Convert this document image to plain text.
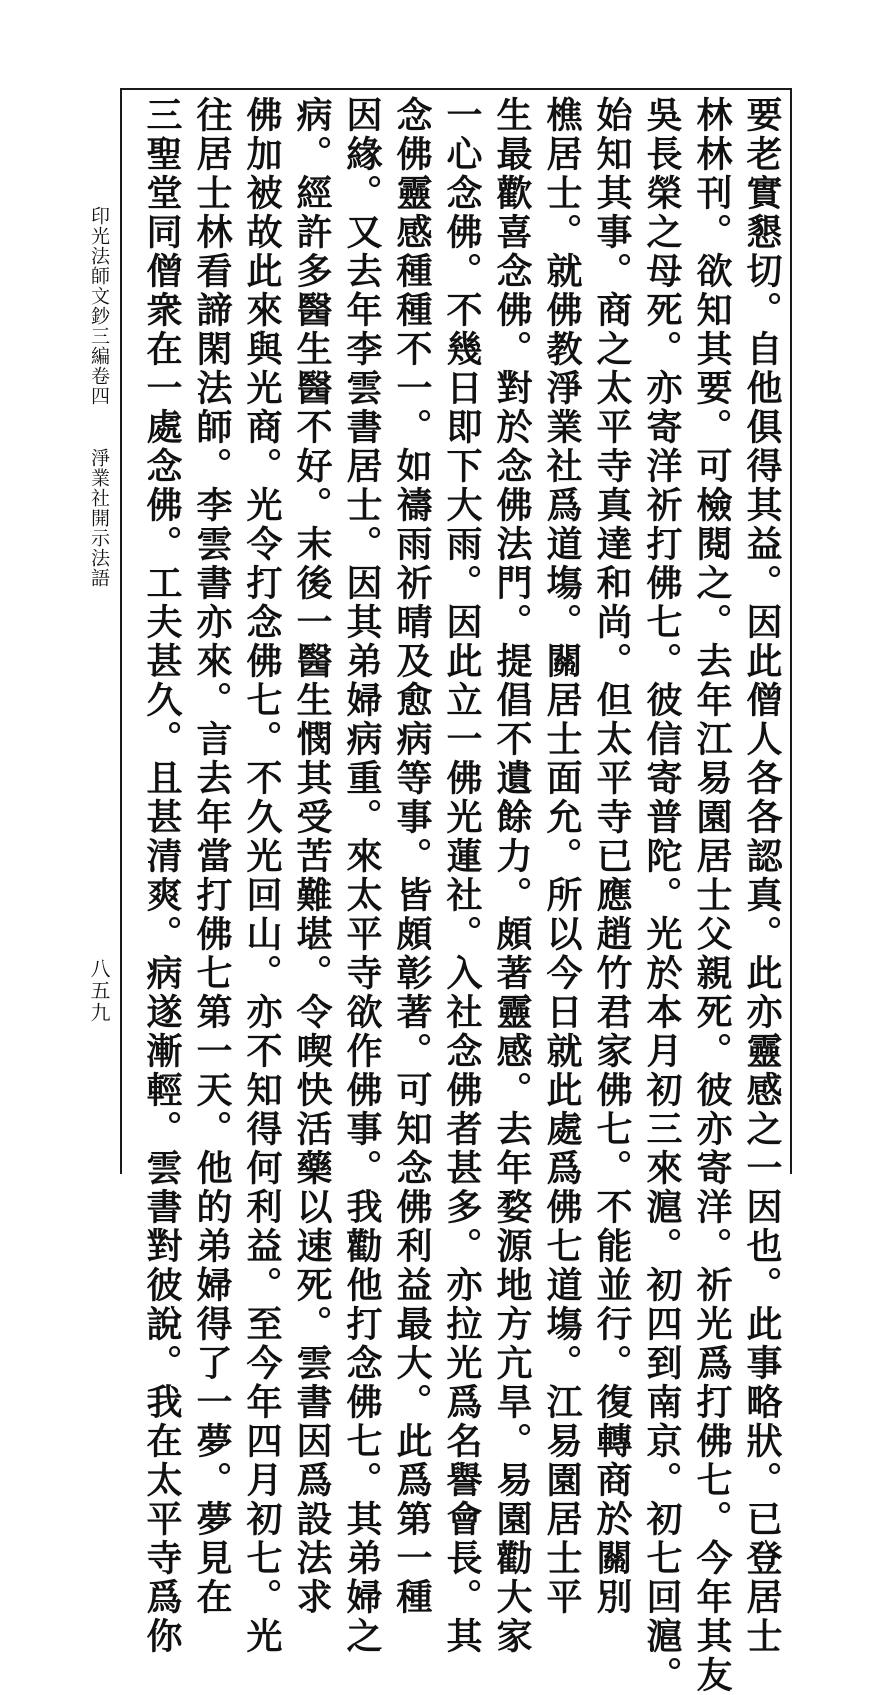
印光法師文鈔三編卷四
淨業社開示法語
八五九	要老實懇切。自他俱得其益。因此僧人各各認真。此亦靈感之一因也。此事略狀。已登居士
林林刊。欲知其要。可檢閱之。去年江易園居士父親死。彼亦寄洋。祈光爲打佛七。今年其友
吳長榮之母死。亦寄洋祈打佛七。彼信寄普陀。光於本月初三來滬。初四到南京。初七回滬。
始知其事。商之太平寺真達和尚。但太平寺已應趙竹君家佛七。不能並行。復轉商於關別
樵居士。就佛教淨業社爲道塲。關居士面允。所以今日就此處爲佛七道塲。江易園居士平
生最歡喜念佛。對於念佛法門。提倡不遺餘力。頗著靈感。去年婺源地方亢旱。易園勸大家
一心念佛。不幾日即下大雨。因此立一佛光蓮社。入社念佛者甚多。亦拉光爲名譽會長。其
念佛靈感種種不一。如禱雨祈晴及愈病等事。皆頗彰著。可知念佛利益最大。此爲第一種
因緣。又去年李雲書居士。因其弟婦病重。來太平寺欲作佛事。我勸他打念佛七。其弟婦之
病。經許多醫生醫不好。末後一醫生憫其受苦難堪。令喫快活藥以速死。雲書因爲設法求
佛加被故此來與光商。光令打念佛七。不久光回山。亦不知得何利益。至今年四月初七。光
往居士林看諦閑法師。李雲書亦來。言去年當打佛七第一天。他的弟婦得了一夢。夢見在
三聖堂同僧衆在一處念佛。工夫甚久。且甚清爽。病遂漸輕。雲書對彼說。我在太平寺爲你
